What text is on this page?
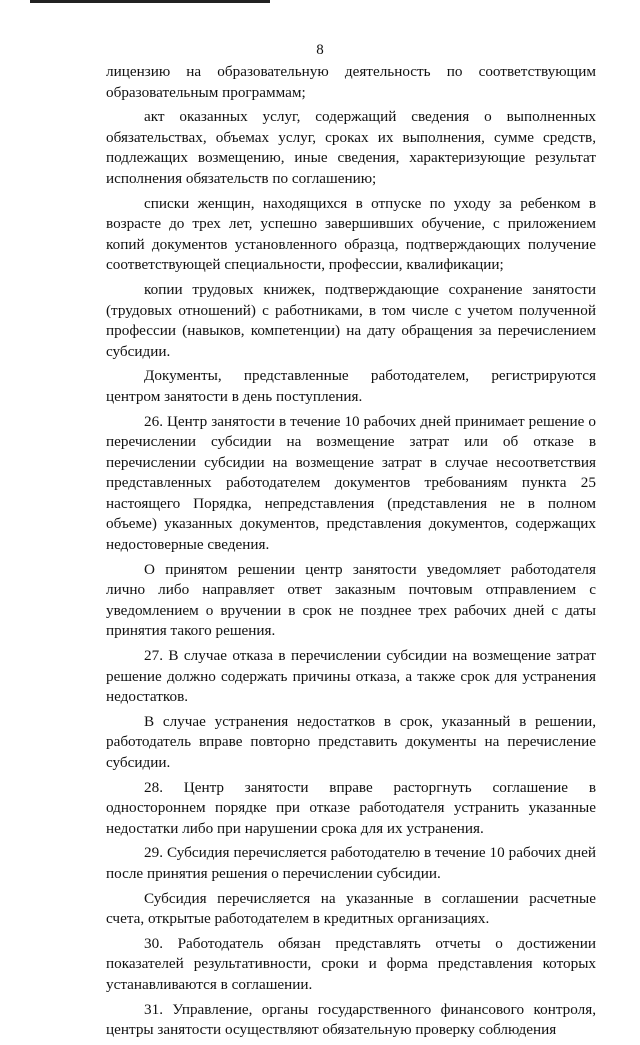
8

лицензию на образовательную деятельность по соответствующим образовательным программам;

акт оказанных услуг, содержащий сведения о выполненных обязательствах, объемах услуг, сроках их выполнения, сумме средств, подлежащих возмещению, иные сведения, характеризующие результат исполнения обязательств по соглашению;

списки женщин, находящихся в отпуске по уходу за ребенком в возрасте до трех лет, успешно завершивших обучение, с приложением копий документов установленного образца, подтверждающих получение соответствующей специальности, профессии, квалификации;

копии трудовых книжек, подтверждающие сохранение занятости (трудовых отношений) с работниками, в том числе с учетом полученной профессии (навыков, компетенции) на дату обращения за перечислением субсидии.

Документы, представленные работодателем, регистрируются центром занятости в день поступления.

26. Центр занятости в течение 10 рабочих дней принимает решение о перечислении субсидии на возмещение затрат или об отказе в перечислении субсидии на возмещение затрат в случае несоответствия представленных работодателем документов требованиям пункта 25 настоящего Порядка, непредставления (представления не в полном объеме) указанных документов, представления документов, содержащих недостоверные сведения.

О принятом решении центр занятости уведомляет работодателя лично либо направляет ответ заказным почтовым отправлением с уведомлением о вручении в срок не позднее трех рабочих дней с даты принятия такого решения.

27. В случае отказа в перечислении субсидии на возмещение затрат решение должно содержать причины отказа, а также срок для устранения недостатков.

В случае устранения недостатков в срок, указанный в решении, работодатель вправе повторно представить документы на перечисление субсидии.

28. Центр занятости вправе расторгнуть соглашение в одностороннем порядке при отказе работодателя устранить указанные недостатки либо при нарушении срока для их устранения.

29. Субсидия перечисляется работодателю в течение 10 рабочих дней после принятия решения о перечислении субсидии.

Субсидия перечисляется на указанные в соглашении расчетные счета, открытые работодателем в кредитных организациях.

30. Работодатель обязан представлять отчеты о достижении показателей результативности, сроки и форма представления которых устанавливаются в соглашении.

31. Управление, органы государственного финансового контроля, центры занятости осуществляют обязательную проверку соблюдения
